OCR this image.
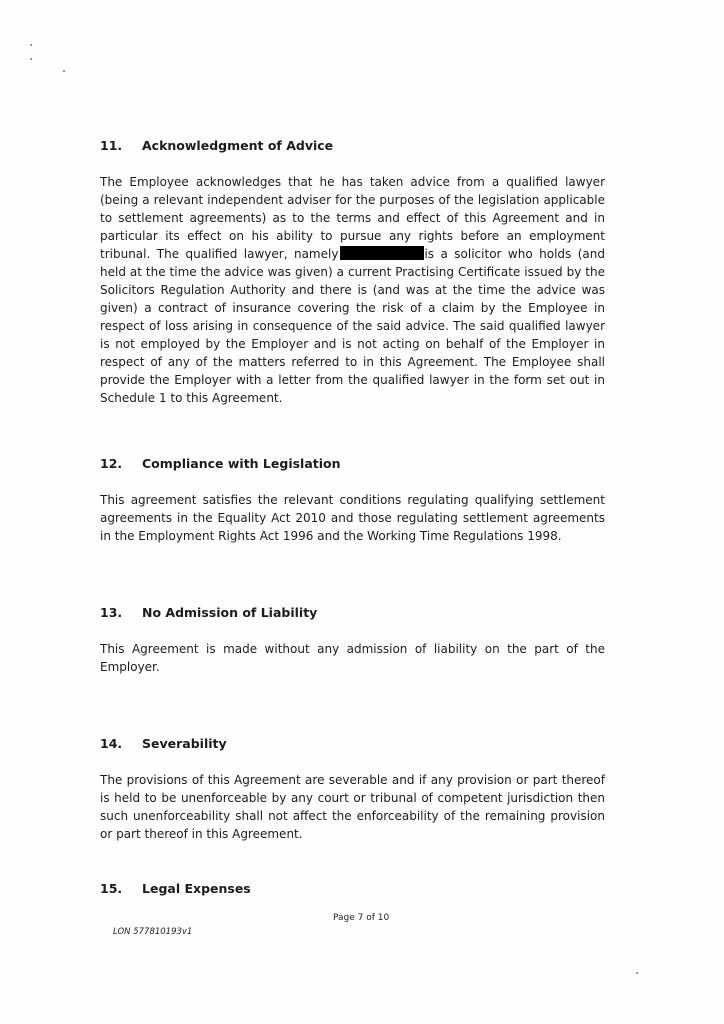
11. Acknowledgment of Advice

The Employee acknowledges that he has taken advice from a qualified lawyer (being a relevant independent adviser for the purposes of the legislation applicable to settlement agreements) as to the terms and effect of this Agreement and in particular its effect on his ability to pursue any rights before an employment tribunal. The qualified lawyer, namely	is a solicitor who holds (and held at the time the advice was given) a current Practising Certificate issued by the Solicitors Regulation Authority and there is (and was at the time the advice was given) a contract of insurance covering the risk of a claim by the Employee in respect of loss arising in consequence of the said advice. The said qualified lawyer is not employed by the Employer and is not acting on behalf of the Employer in respect of any of the matters referred to in this Agreement. The Employee shall provide the Employer with a letter from the qualified lawyer in the form set out in Schedule 1 to this Agreement.

12. Compliance with Legislation

This agreement satisfies the relevant conditions regulating qualifying settlement agreements in the Equality Act 2010 and those regulating settlement agreements in the Employment Rights Act 1996 and the Working Time Regulations 1998.

13. No Admission of Liability

This Agreement is made without any admission of liability on the part of the Employer.

14. Severability

The provisions of this Agreement are severable and if any provision or part thereof is held to be unenforceable by any court or tribunal of competent jurisdiction then such unenforceability shall not affect the enforceability of the remaining provision or part thereof in this Agreement.

15. Legal Expenses
Page 7 of 10
LON 577810193v1
